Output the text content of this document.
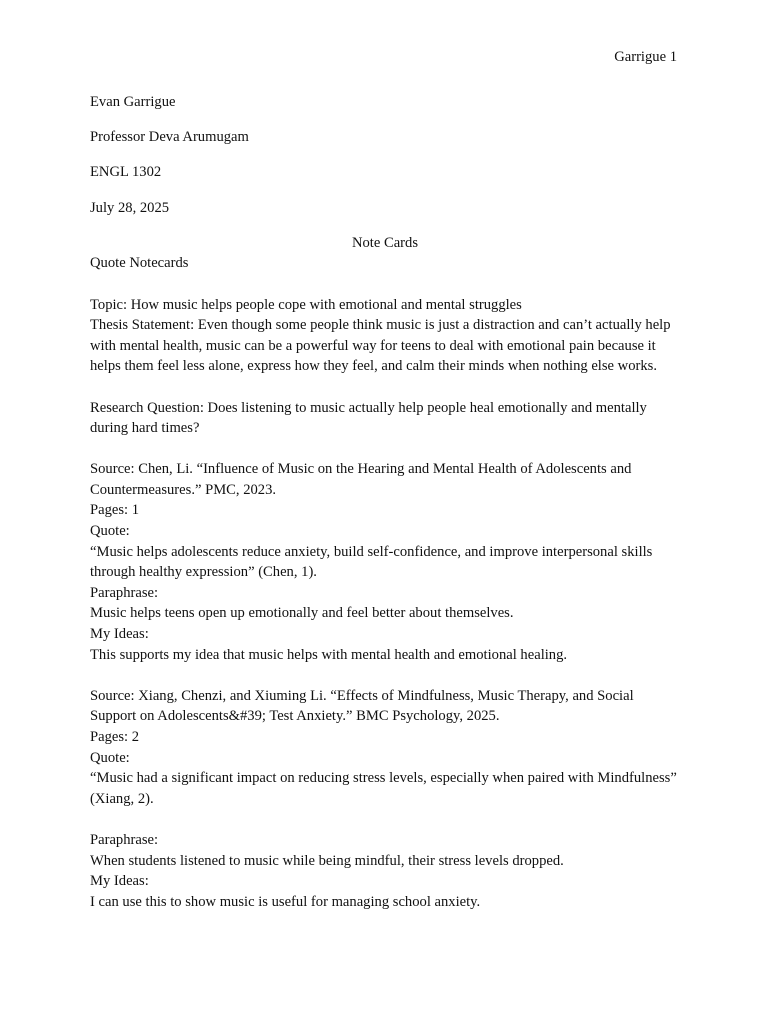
Garrigue 1

Evan Garrigue

Professor Deva Arumugam

ENGL 1302

July 28, 2025

Note Cards

Quote Notecards

Topic: How music helps people cope with emotional and mental struggles

Thesis Statement: Even though some people think music is just a distraction and can’t actually help with mental health, music can be a powerful way for teens to deal with emotional pain because it helps them feel less alone, express how they feel, and calm their minds when nothing else works.

Research Question: Does listening to music actually help people heal emotionally and mentally during hard times?

Source: Chen, Li. “Influence of Music on the Hearing and Mental Health of Adolescents and Countermeasures.” PMC, 2023.

Pages: 1

Quote:

“Music helps adolescents reduce anxiety, build self-confidence, and improve interpersonal skills through healthy expression” (Chen, 1).

Paraphrase:

Music helps teens open up emotionally and feel better about themselves.

My Ideas:

This supports my idea that music helps with mental health and emotional healing.

Source: Xiang, Chenzi, and Xiuming Li. “Effects of Mindfulness, Music Therapy, and Social Support on Adolescents&#39; Test Anxiety.” BMC Psychology, 2025.

Pages: 2

Quote:

“Music had a significant impact on reducing stress levels, especially when paired with Mindfulness” (Xiang, 2).

Paraphrase:

When students listened to music while being mindful, their stress levels dropped.

My Ideas:

I can use this to show music is useful for managing school anxiety.
